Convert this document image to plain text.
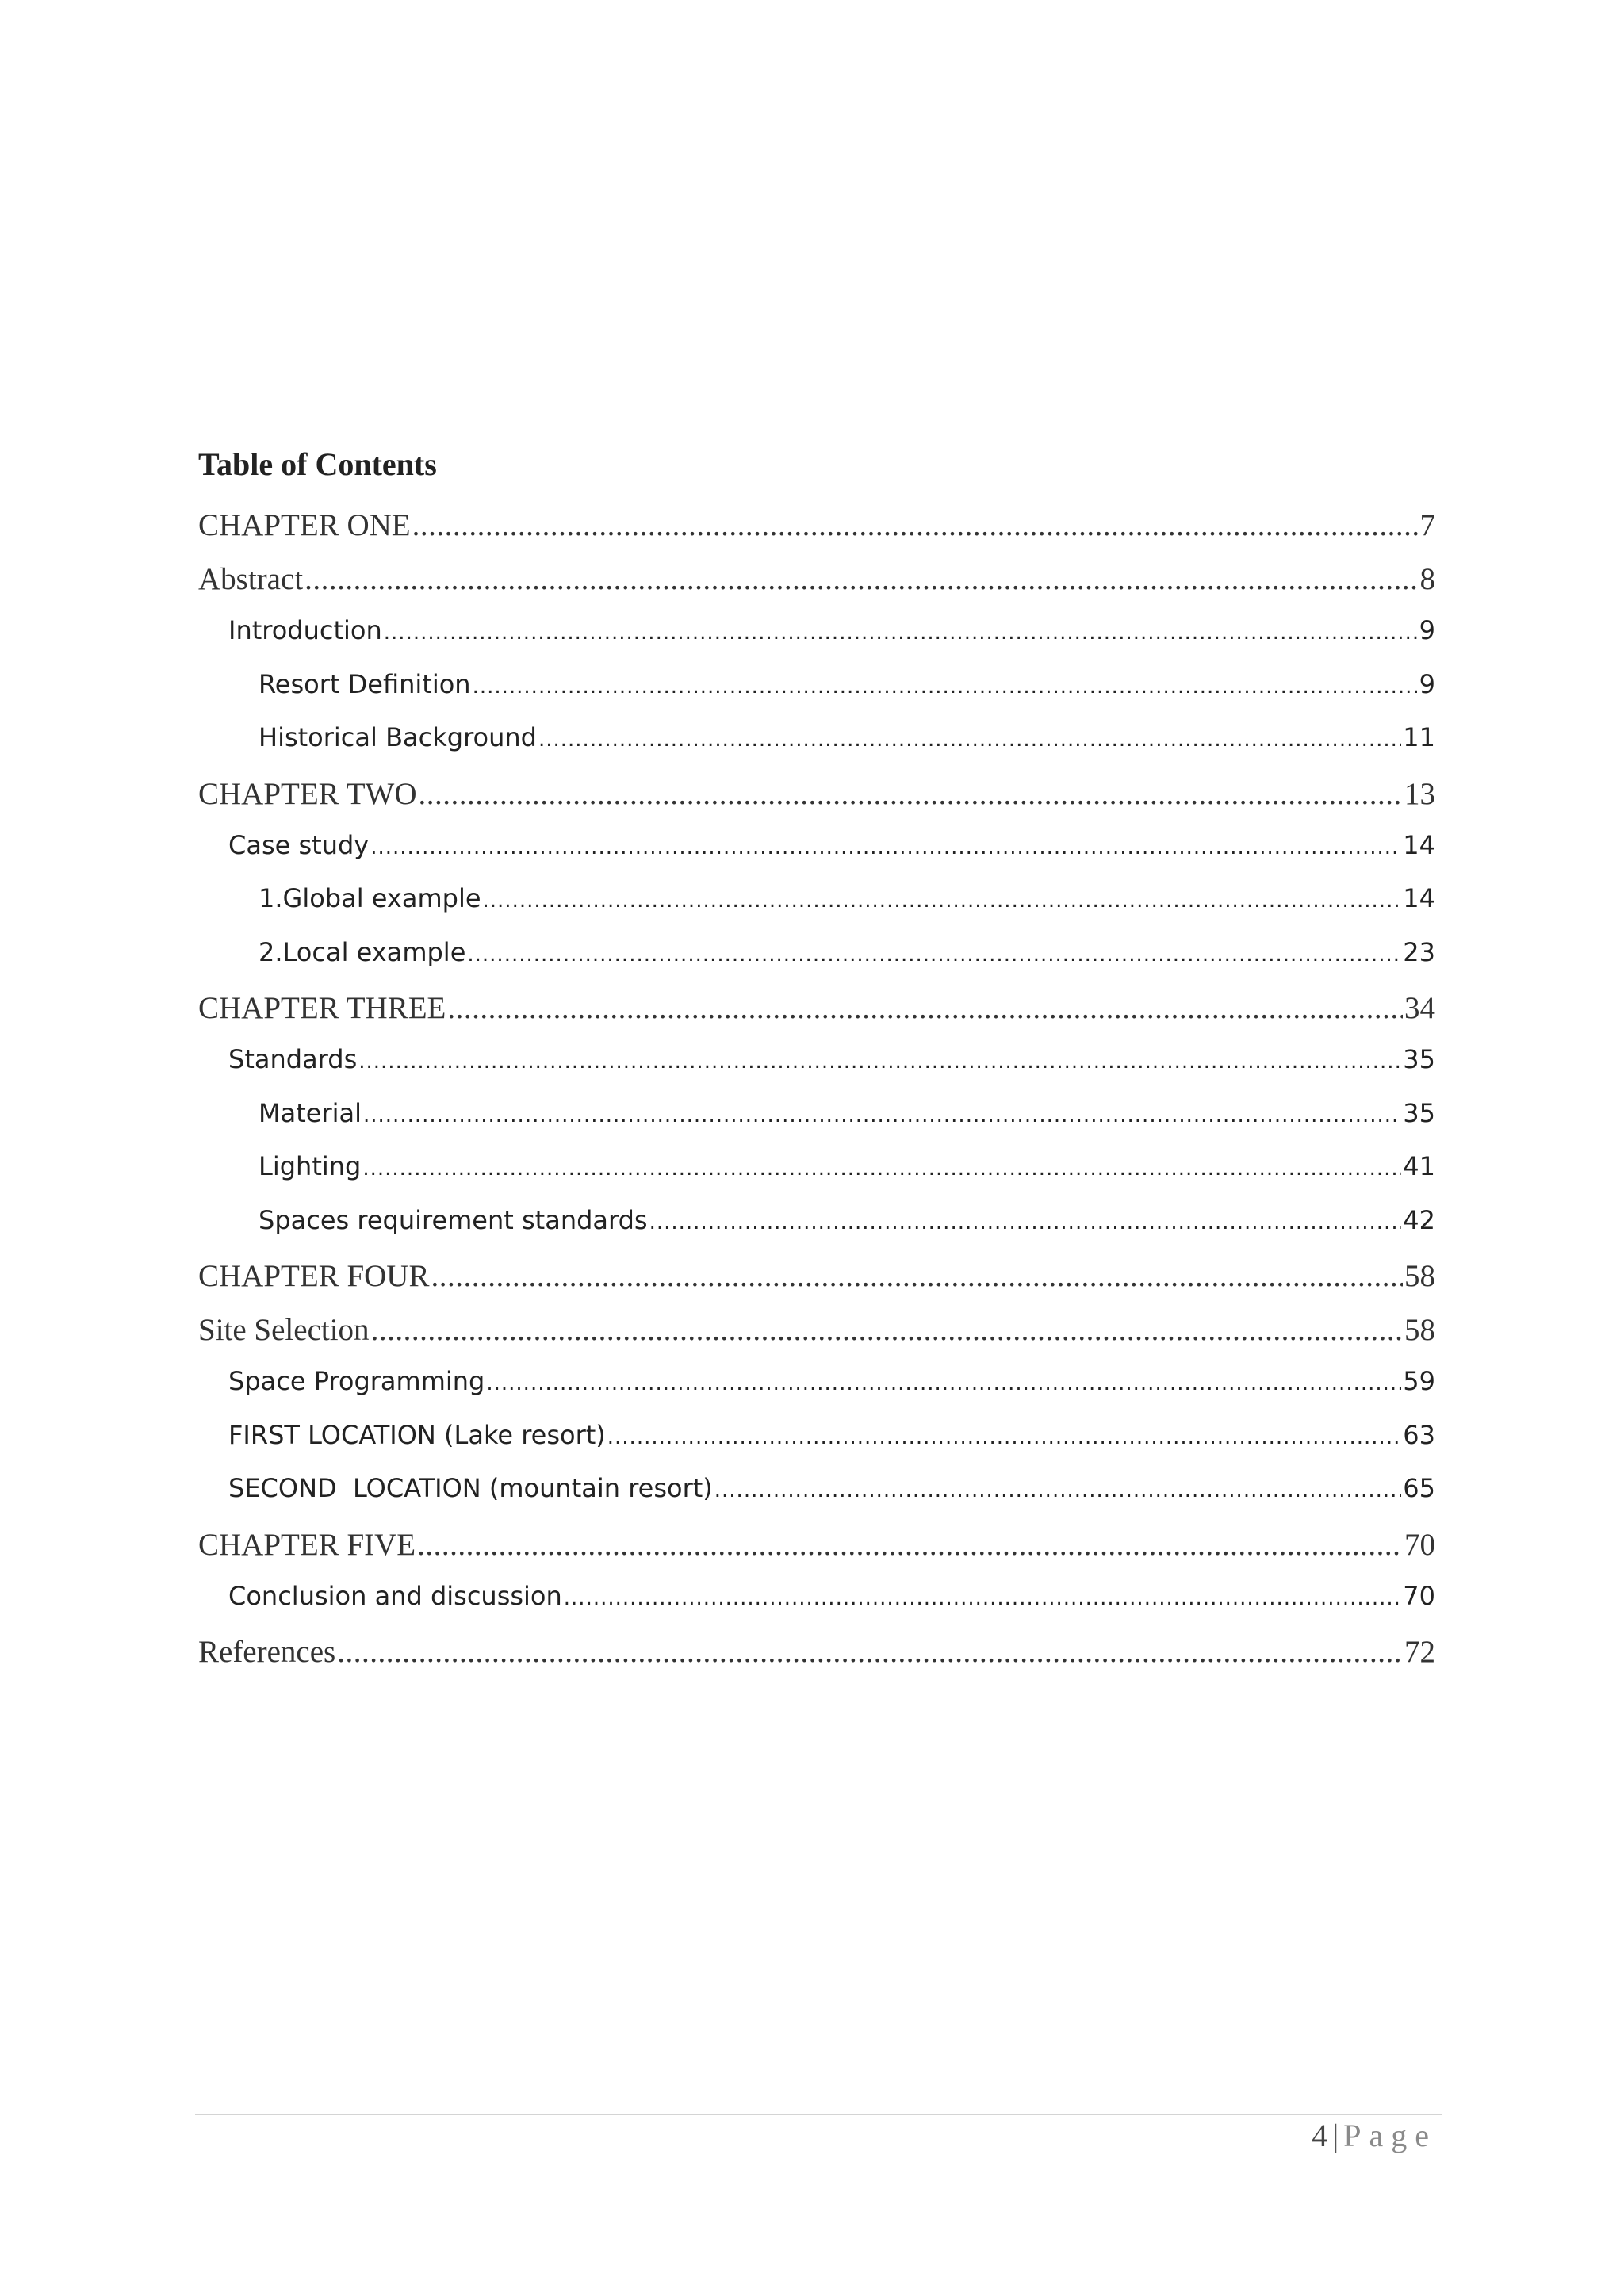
Table of Contents
CHAPTER ONE .....	7
Abstract .....	8
Introduction .....	9
Resort Definition .....	9
Historical Background .....	11
CHAPTER TWO .....	13
Case study .....	14
1.Global example .....	14
2.Local example .....	23
CHAPTER THREE .....	34
Standards .....	35
Material .....	35
Lighting .....	41
Spaces requirement standards .....	42
CHAPTER FOUR .....	58
Site Selection .....	58
Space Programming .....	59
FIRST LOCATION (Lake resort) .....	63
SECOND  LOCATION (mountain resort) .....	65
CHAPTER FIVE .....	70
Conclusion and discussion .....	70
References .....	72
4 | Page
